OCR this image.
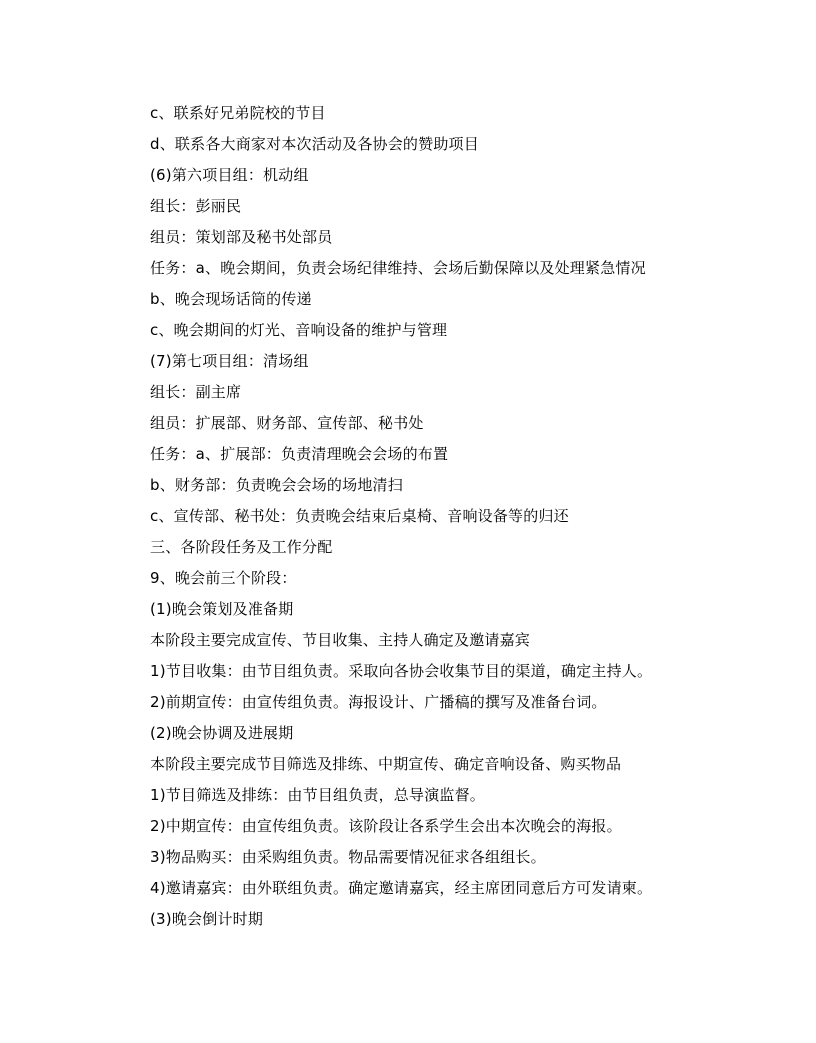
c、联系好兄弟院校的节目
d、联系各大商家对本次活动及各协会的赞助项目
(6)第六项目组：机动组
组长：彭丽民
组员：策划部及秘书处部员
任务：a、晚会期间，负责会场纪律维持、会场后勤保障以及处理紧急情况
b、晚会现场话筒的传递
c、晚会期间的灯光、音响设备的维护与管理
(7)第七项目组：清场组
组长：副主席
组员：扩展部、财务部、宣传部、秘书处
任务：a、扩展部：负责清理晚会会场的布置
b、财务部：负责晚会会场的场地清扫
c、宣传部、秘书处：负责晚会结束后桌椅、音响设备等的归还
三、各阶段任务及工作分配
9、晚会前三个阶段：
(1)晚会策划及准备期
本阶段主要完成宣传、节目收集、主持人确定及邀请嘉宾
1)节目收集：由节目组负责。采取向各协会收集节目的渠道，确定主持人。
2)前期宣传：由宣传组负责。海报设计、广播稿的撰写及准备台词。
(2)晚会协调及进展期
本阶段主要完成节目筛选及排练、中期宣传、确定音响设备、购买物品
1)节目筛选及排练：由节目组负责，总导演监督。
2)中期宣传：由宣传组负责。该阶段让各系学生会出本次晚会的海报。
3)物品购买：由采购组负责。物品需要情况征求各组组长。
4)邀请嘉宾：由外联组负责。确定邀请嘉宾，经主席团同意后方可发请柬。
(3)晚会倒计时期
